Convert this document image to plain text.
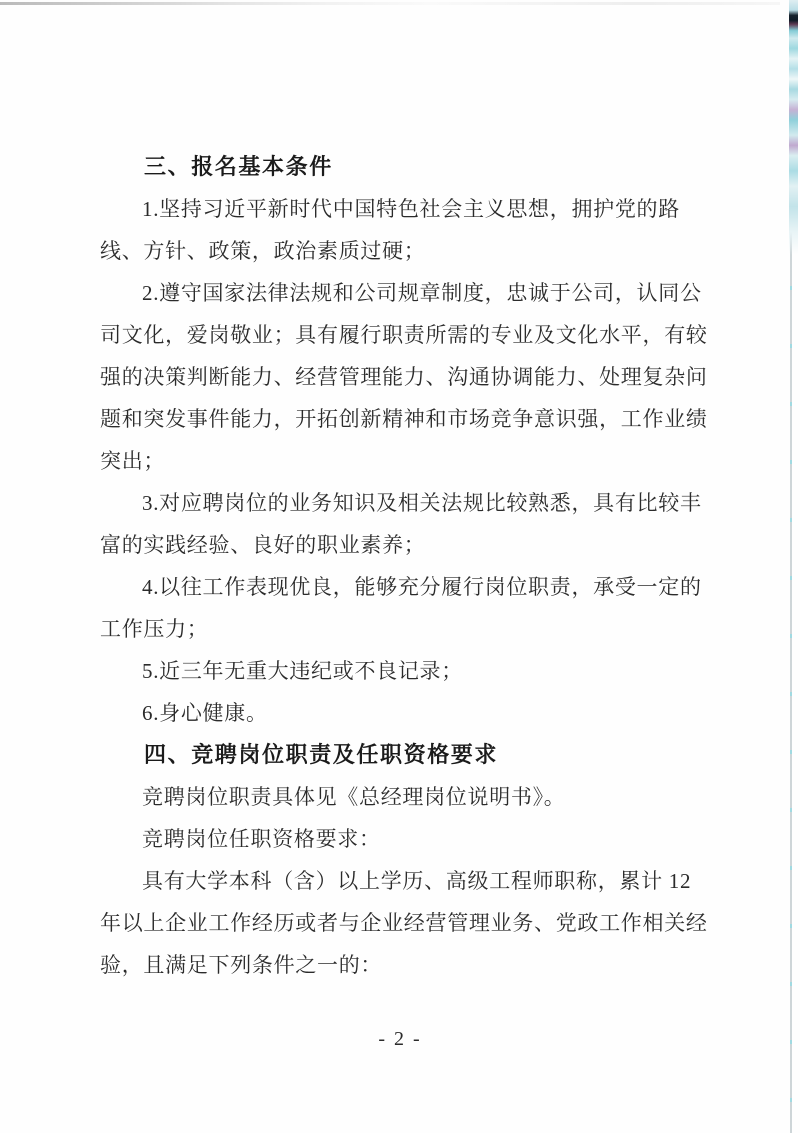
三、报名基本条件

1.坚持习近平新时代中国特色社会主义思想，拥护党的路

线、方针、政策，政治素质过硬；

2.遵守国家法律法规和公司规章制度，忠诚于公司，认同公

司文化，爱岗敬业；具有履行职责所需的专业及文化水平，有较

强的决策判断能力、经营管理能力、沟通协调能力、处理复杂问

题和突发事件能力，开拓创新精神和市场竞争意识强，工作业绩

突出；

3.对应聘岗位的业务知识及相关法规比较熟悉，具有比较丰

富的实践经验、良好的职业素养；

4.以往工作表现优良，能够充分履行岗位职责，承受一定的

工作压力；

5.近三年无重大违纪或不良记录；

6.身心健康。

四、竞聘岗位职责及任职资格要求

竞聘岗位职责具体见《总经理岗位说明书》。

竞聘岗位任职资格要求：

具有大学本科（含）以上学历、高级工程师职称，累计 12

年以上企业工作经历或者与企业经营管理业务、党政工作相关经

验，且满足下列条件之一的：

- 2 -
